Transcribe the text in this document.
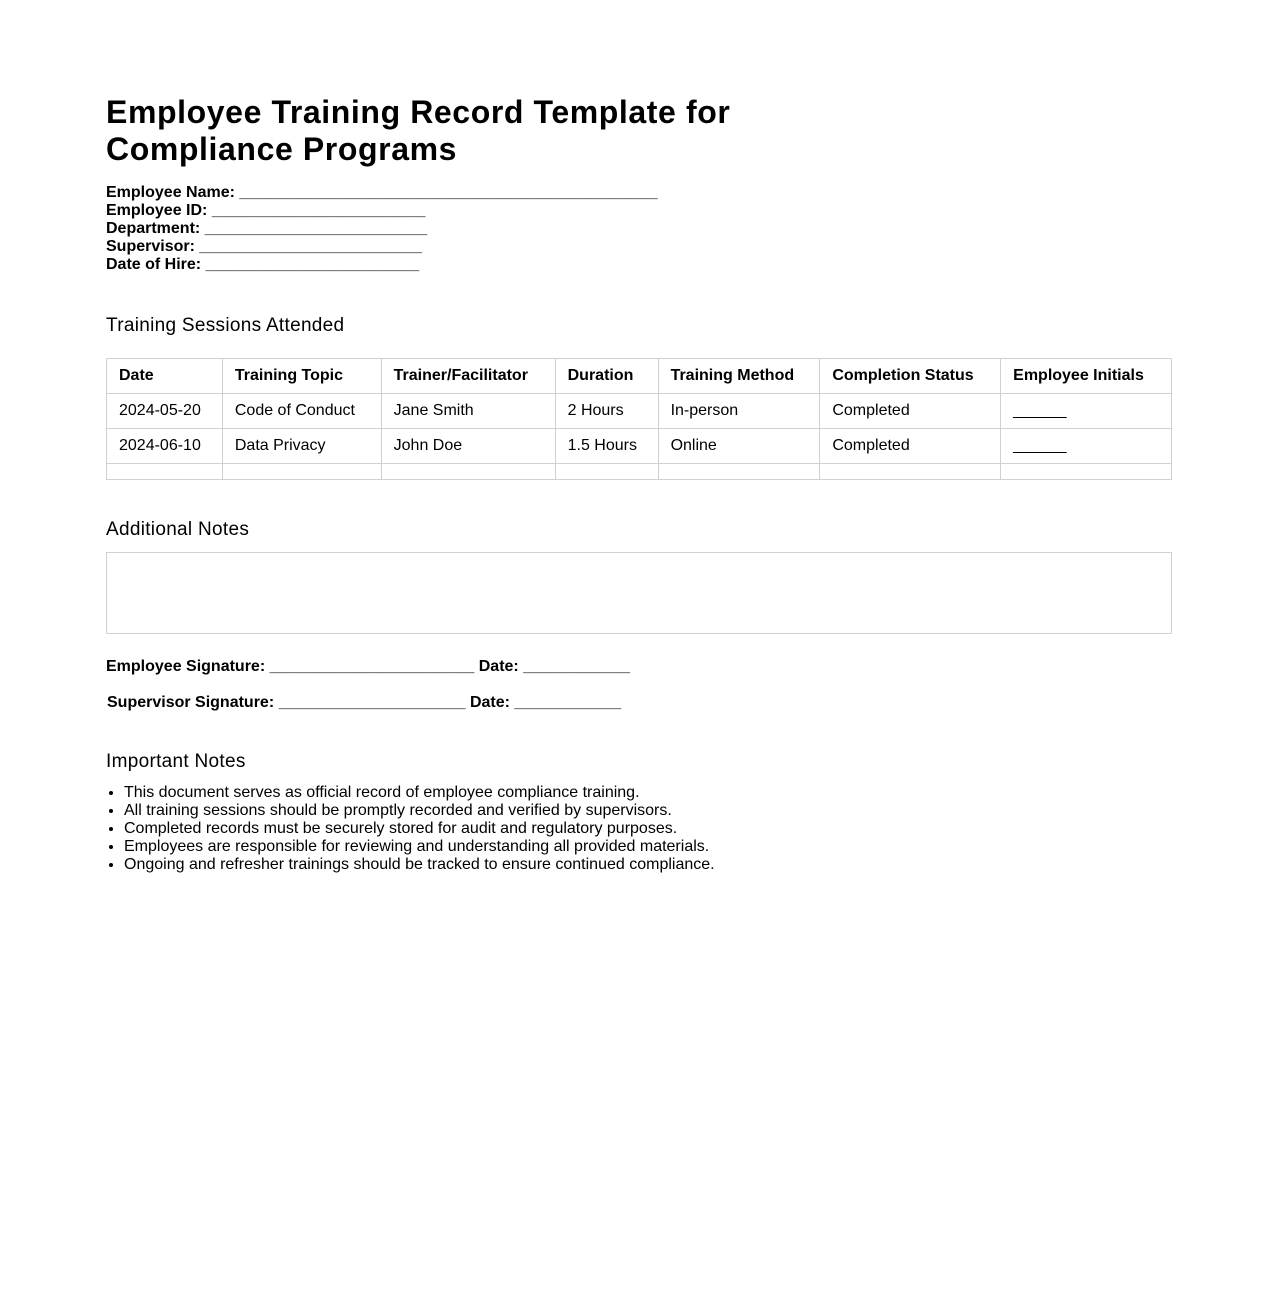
Employee Training Record Template for Compliance Programs
Employee Name: _______________________________________________
Employee ID: ________________________
Department: _________________________
Supervisor: _________________________
Date of Hire: ________________________
Training Sessions Attended
Date	Training Topic	Trainer/Facilitator	Duration	Training Method	Completion Status	Employee Initials
2024-05-20	Code of Conduct	Jane Smith	2 Hours	In-person	Completed	______
2024-06-10	Data Privacy	John Doe	1.5 Hours	Online	Completed	______

Additional Notes
Employee Signature: _______________________ Date: ____________
Supervisor Signature: _____________________ Date: ____________
Important Notes
• This document serves as official record of employee compliance training.
• All training sessions should be promptly recorded and verified by supervisors.
• Completed records must be securely stored for audit and regulatory purposes.
• Employees are responsible for reviewing and understanding all provided materials.
• Ongoing and refresher trainings should be tracked to ensure continued compliance.
